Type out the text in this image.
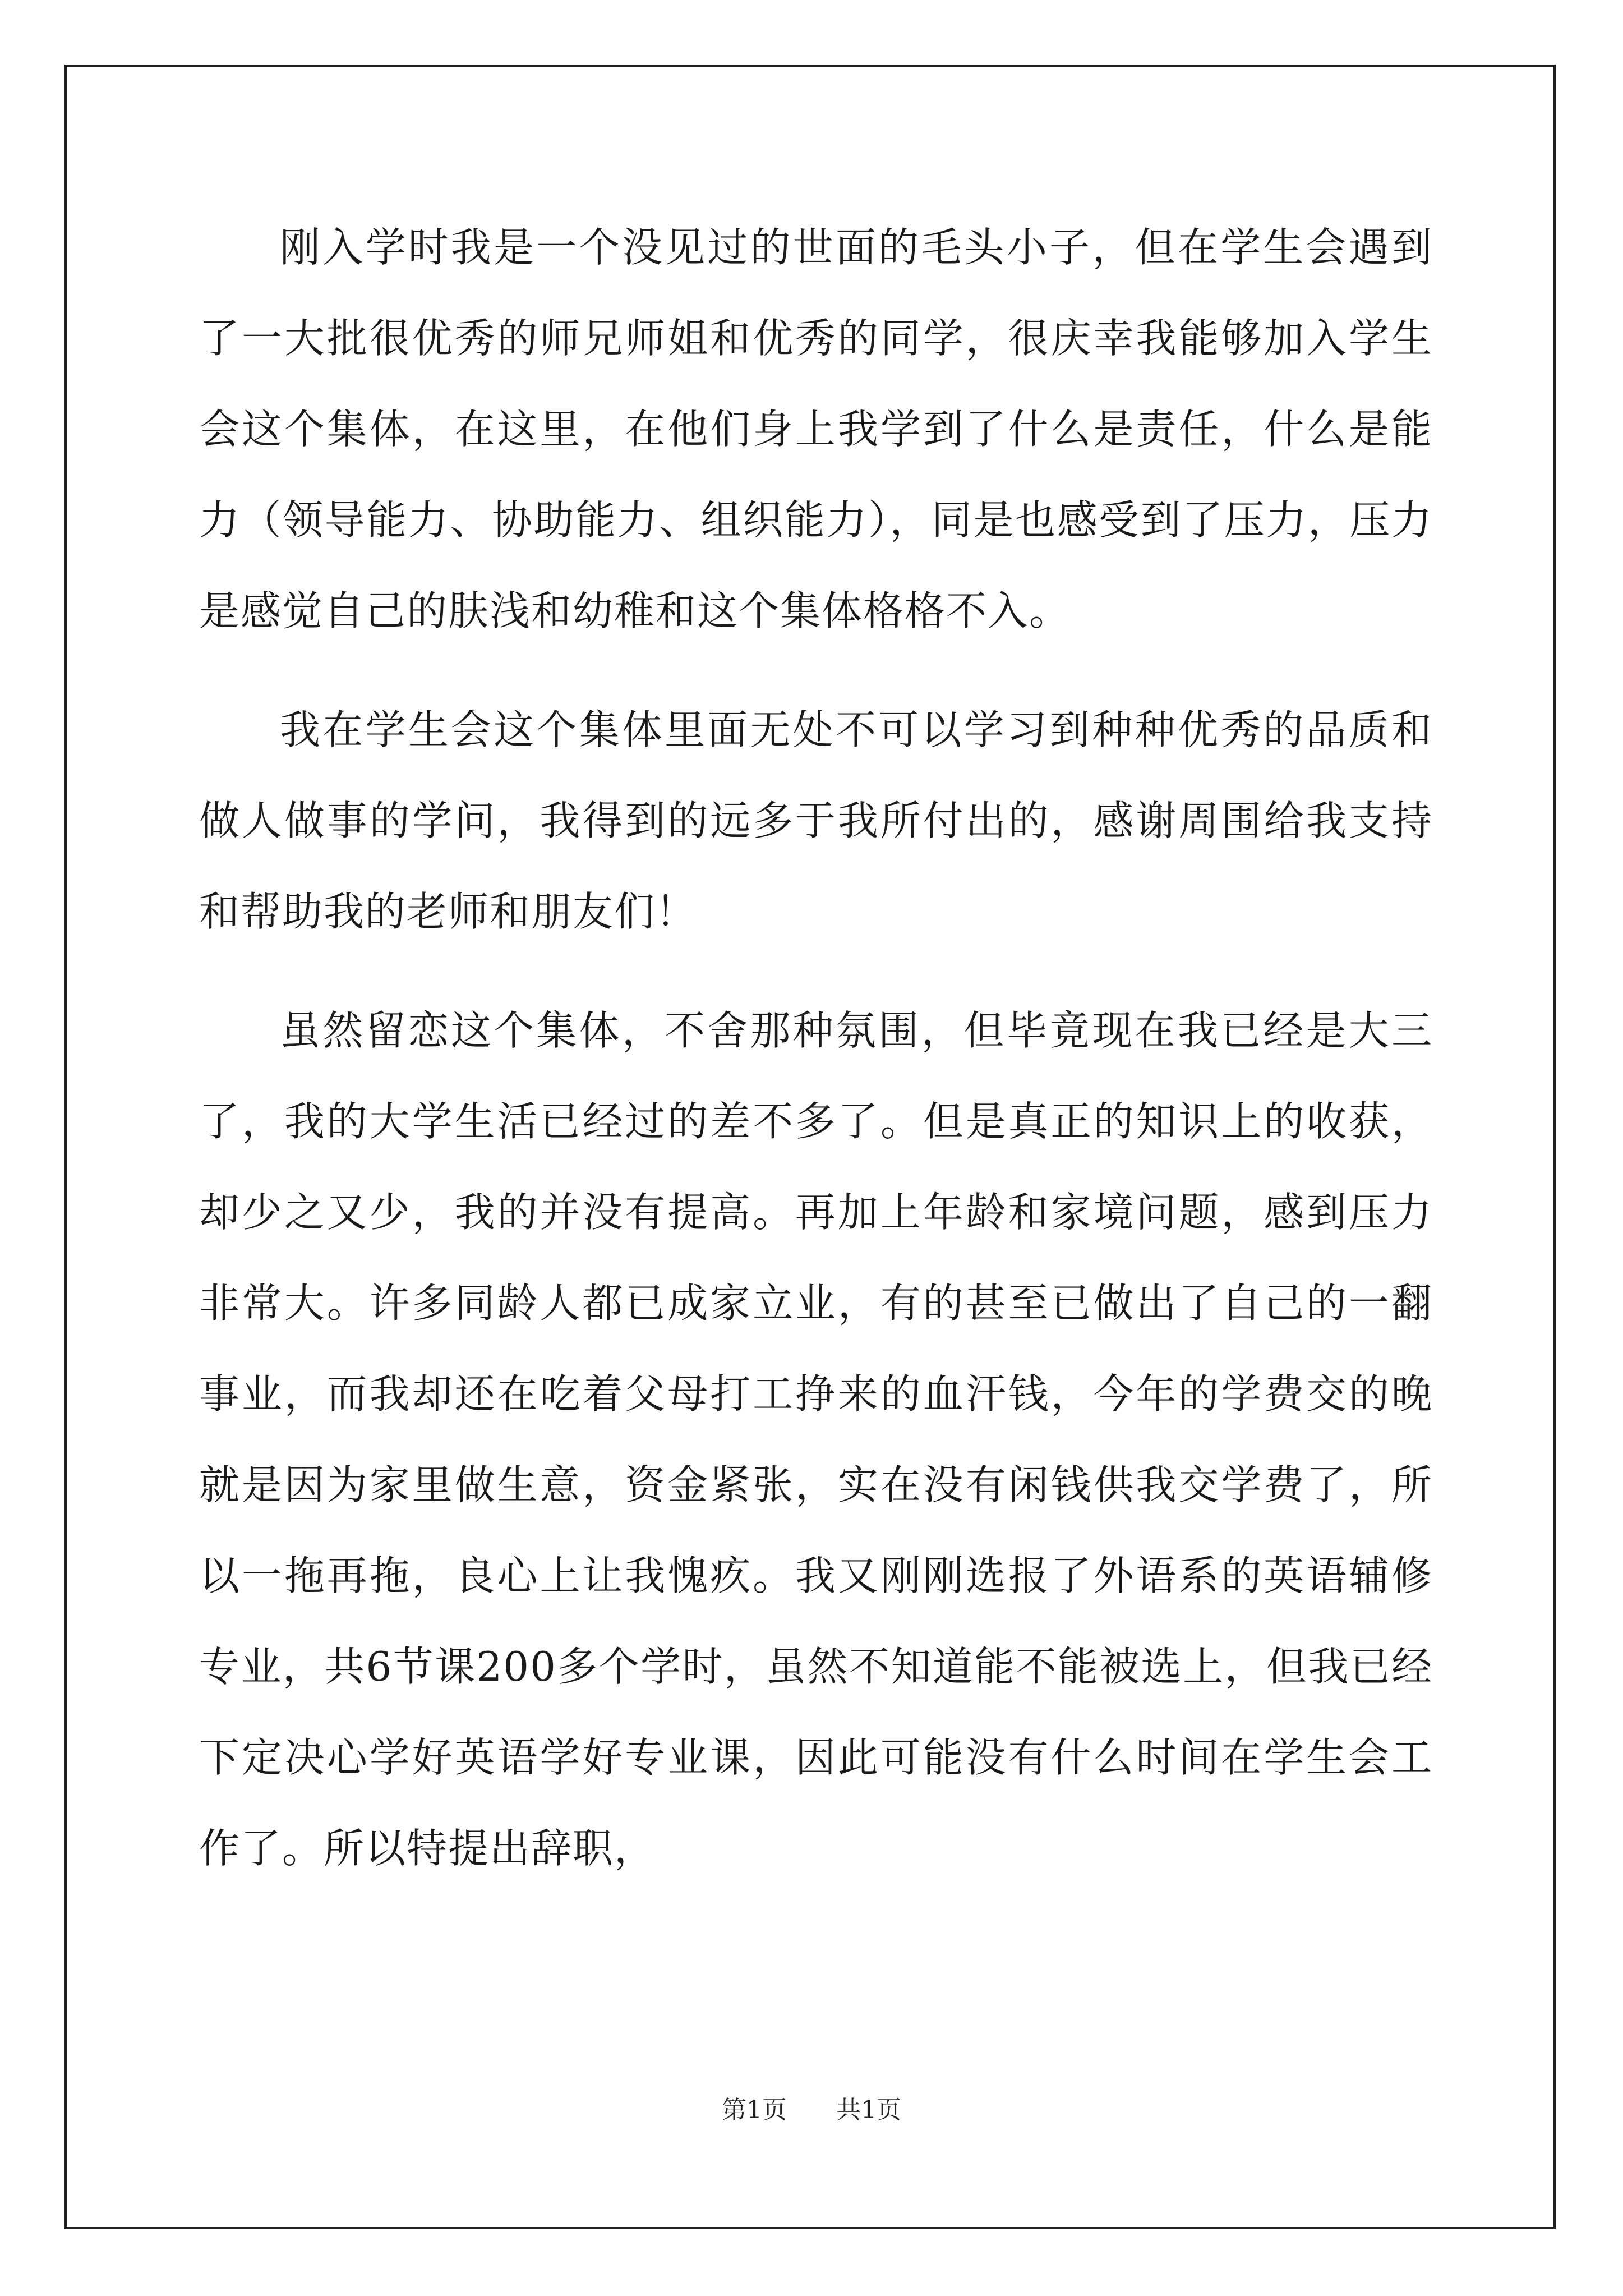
刚入学时我是一个没见过的世面的毛头小子，但在学生会遇到了一大批很优秀的师兄师姐和优秀的同学，很庆幸我能够加入学生会这个集体，在这里，在他们身上我学到了什么是责任，什么是能力（领导能力、协助能力、组织能力），同是也感受到了压力，压力是感觉自己的肤浅和幼稚和这个集体格格不入。

我在学生会这个集体里面无处不可以学习到种种优秀的品质和做人做事的学问，我得到的远多于我所付出的，感谢周围给我支持和帮助我的老师和朋友们！

虽然留恋这个集体，不舍那种氛围，但毕竟现在我已经是大三了，我的大学生活已经过的差不多了。但是真正的知识上的收获，却少之又少，我的并没有提高。再加上年龄和家境问题，感到压力非常大。许多同龄人都已成家立业，有的甚至已做出了自己的一翻事业，而我却还在吃着父母打工挣来的血汗钱，今年的学费交的晚就是因为家里做生意，资金紧张，实在没有闲钱供我交学费了，所以一拖再拖，良心上让我愧疚。我又刚刚选报了外语系的英语辅修专业，共6节课200多个学时，虽然不知道能不能被选上，但我已经下定决心学好英语学好专业课，因此可能没有什么时间在学生会工作了。所以特提出辞职，

第1页 共1页
